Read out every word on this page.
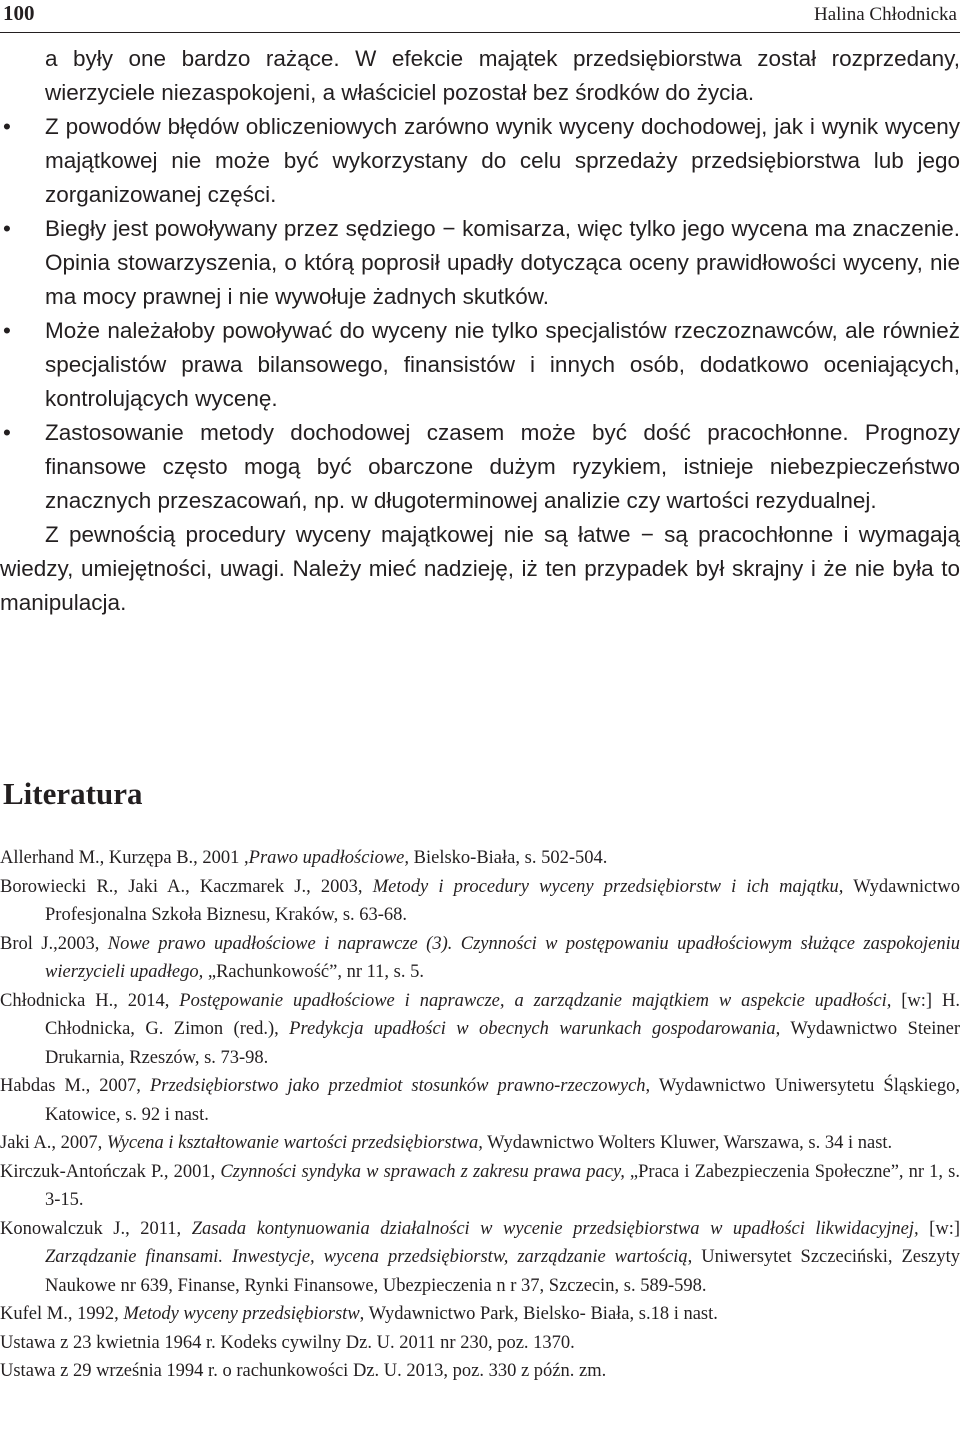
100	Halina Chłodnicka

a były one bardzo rażące. W efekcie majątek przedsiębiorstwa został rozprzedany, wierzyciele niezaspokojeni, a właściciel pozostał bez środków do życia.

• Z powodów błędów obliczeniowych zarówno wynik wyceny dochodowej, jak i wynik wyceny majątkowej nie może być wykorzystany do celu sprzedaży przedsiębiorstwa lub jego zorganizowanej części.
• Biegły jest powoływany przez sędziego − komisarza, więc tylko jego wycena ma znaczenie. Opinia stowarzyszenia, o którą poprosił upadły dotycząca oceny prawidłowości wyceny, nie ma mocy prawnej i nie wywołuje żadnych skutków.
• Może należałoby powoływać do wyceny nie tylko specjalistów rzeczoznawców, ale również specjalistów prawa bilansowego, finansistów i innych osób, dodatkowo oceniających, kontrolujących wycenę.
• Zastosowanie metody dochodowej czasem może być dość pracochłonne. Prognozy finansowe często mogą być obarczone dużym ryzykiem, istnieje niebezpieczeństwo znacznych przeszacowań, np. w długoterminowej analizie czy wartości rezydualnej.

Z pewnością procedury wyceny majątkowej nie są łatwe − są pracochłonne i wymagają wiedzy, umiejętności, uwagi. Należy mieć nadzieję, iż ten przypadek był skrajny i że nie była to manipulacja.

Literatura
Allerhand M., Kurzępa B., 2001 ,Prawo upadłościowe, Bielsko-Biała, s. 502-504.
Borowiecki R., Jaki A., Kaczmarek J., 2003, Metody i procedury wyceny przedsiębiorstw i ich majątku, Wydawnictwo Profesjonalna Szkoła Biznesu, Kraków, s. 63-68.
Brol J.,2003, Nowe prawo upadłościowe i naprawcze (3). Czynności w postępowaniu upadłościowym służące zaspokojeniu wierzycieli upadłego, „Rachunkowość”, nr 11, s. 5.
Chłodnicka H., 2014, Postępowanie upadłościowe i naprawcze, a zarządzanie majątkiem w aspekcie upadłości, [w:] H. Chłodnicka, G. Zimon (red.), Predykcja upadłości w obecnych warunkach gospodarowania, Wydawnictwo Steiner Drukarnia, Rzeszów, s. 73-98.
Habdas M., 2007, Przedsiębiorstwo jako przedmiot stosunków prawno-rzeczowych, Wydawnictwo Uniwersytetu Śląskiego, Katowice, s. 92 i nast.
Jaki A., 2007, Wycena i kształtowanie wartości przedsiębiorstwa, Wydawnictwo Wolters Kluwer, Warszawa, s. 34 i nast.
Kirczuk-Antończak P., 2001, Czynności syndyka w sprawach z zakresu prawa pacy, „Praca i Zabezpieczenia Społeczne”, nr 1, s. 3-15.
Konowalczuk J., 2011, Zasada kontynuowania działalności w wycenie przedsiębiorstwa w upadłości likwidacyjnej, [w:] Zarządzanie finansami. Inwestycje, wycena przedsiębiorstw, zarządzanie wartością, Uniwersytet Szczeciński, Zeszyty Naukowe nr 639, Finanse, Rynki Finansowe, Ubezpieczenia n r 37, Szczecin, s. 589-598.
Kufel M., 1992, Metody wyceny przedsiębiorstw, Wydawnictwo Park, Bielsko- Biała, s.18 i nast.
Ustawa z 23 kwietnia 1964 r. Kodeks cywilny Dz. U. 2011 nr 230, poz. 1370.
Ustawa z 29 września 1994 r. o rachunkowości Dz. U. 2013, poz. 330 z późn. zm.
